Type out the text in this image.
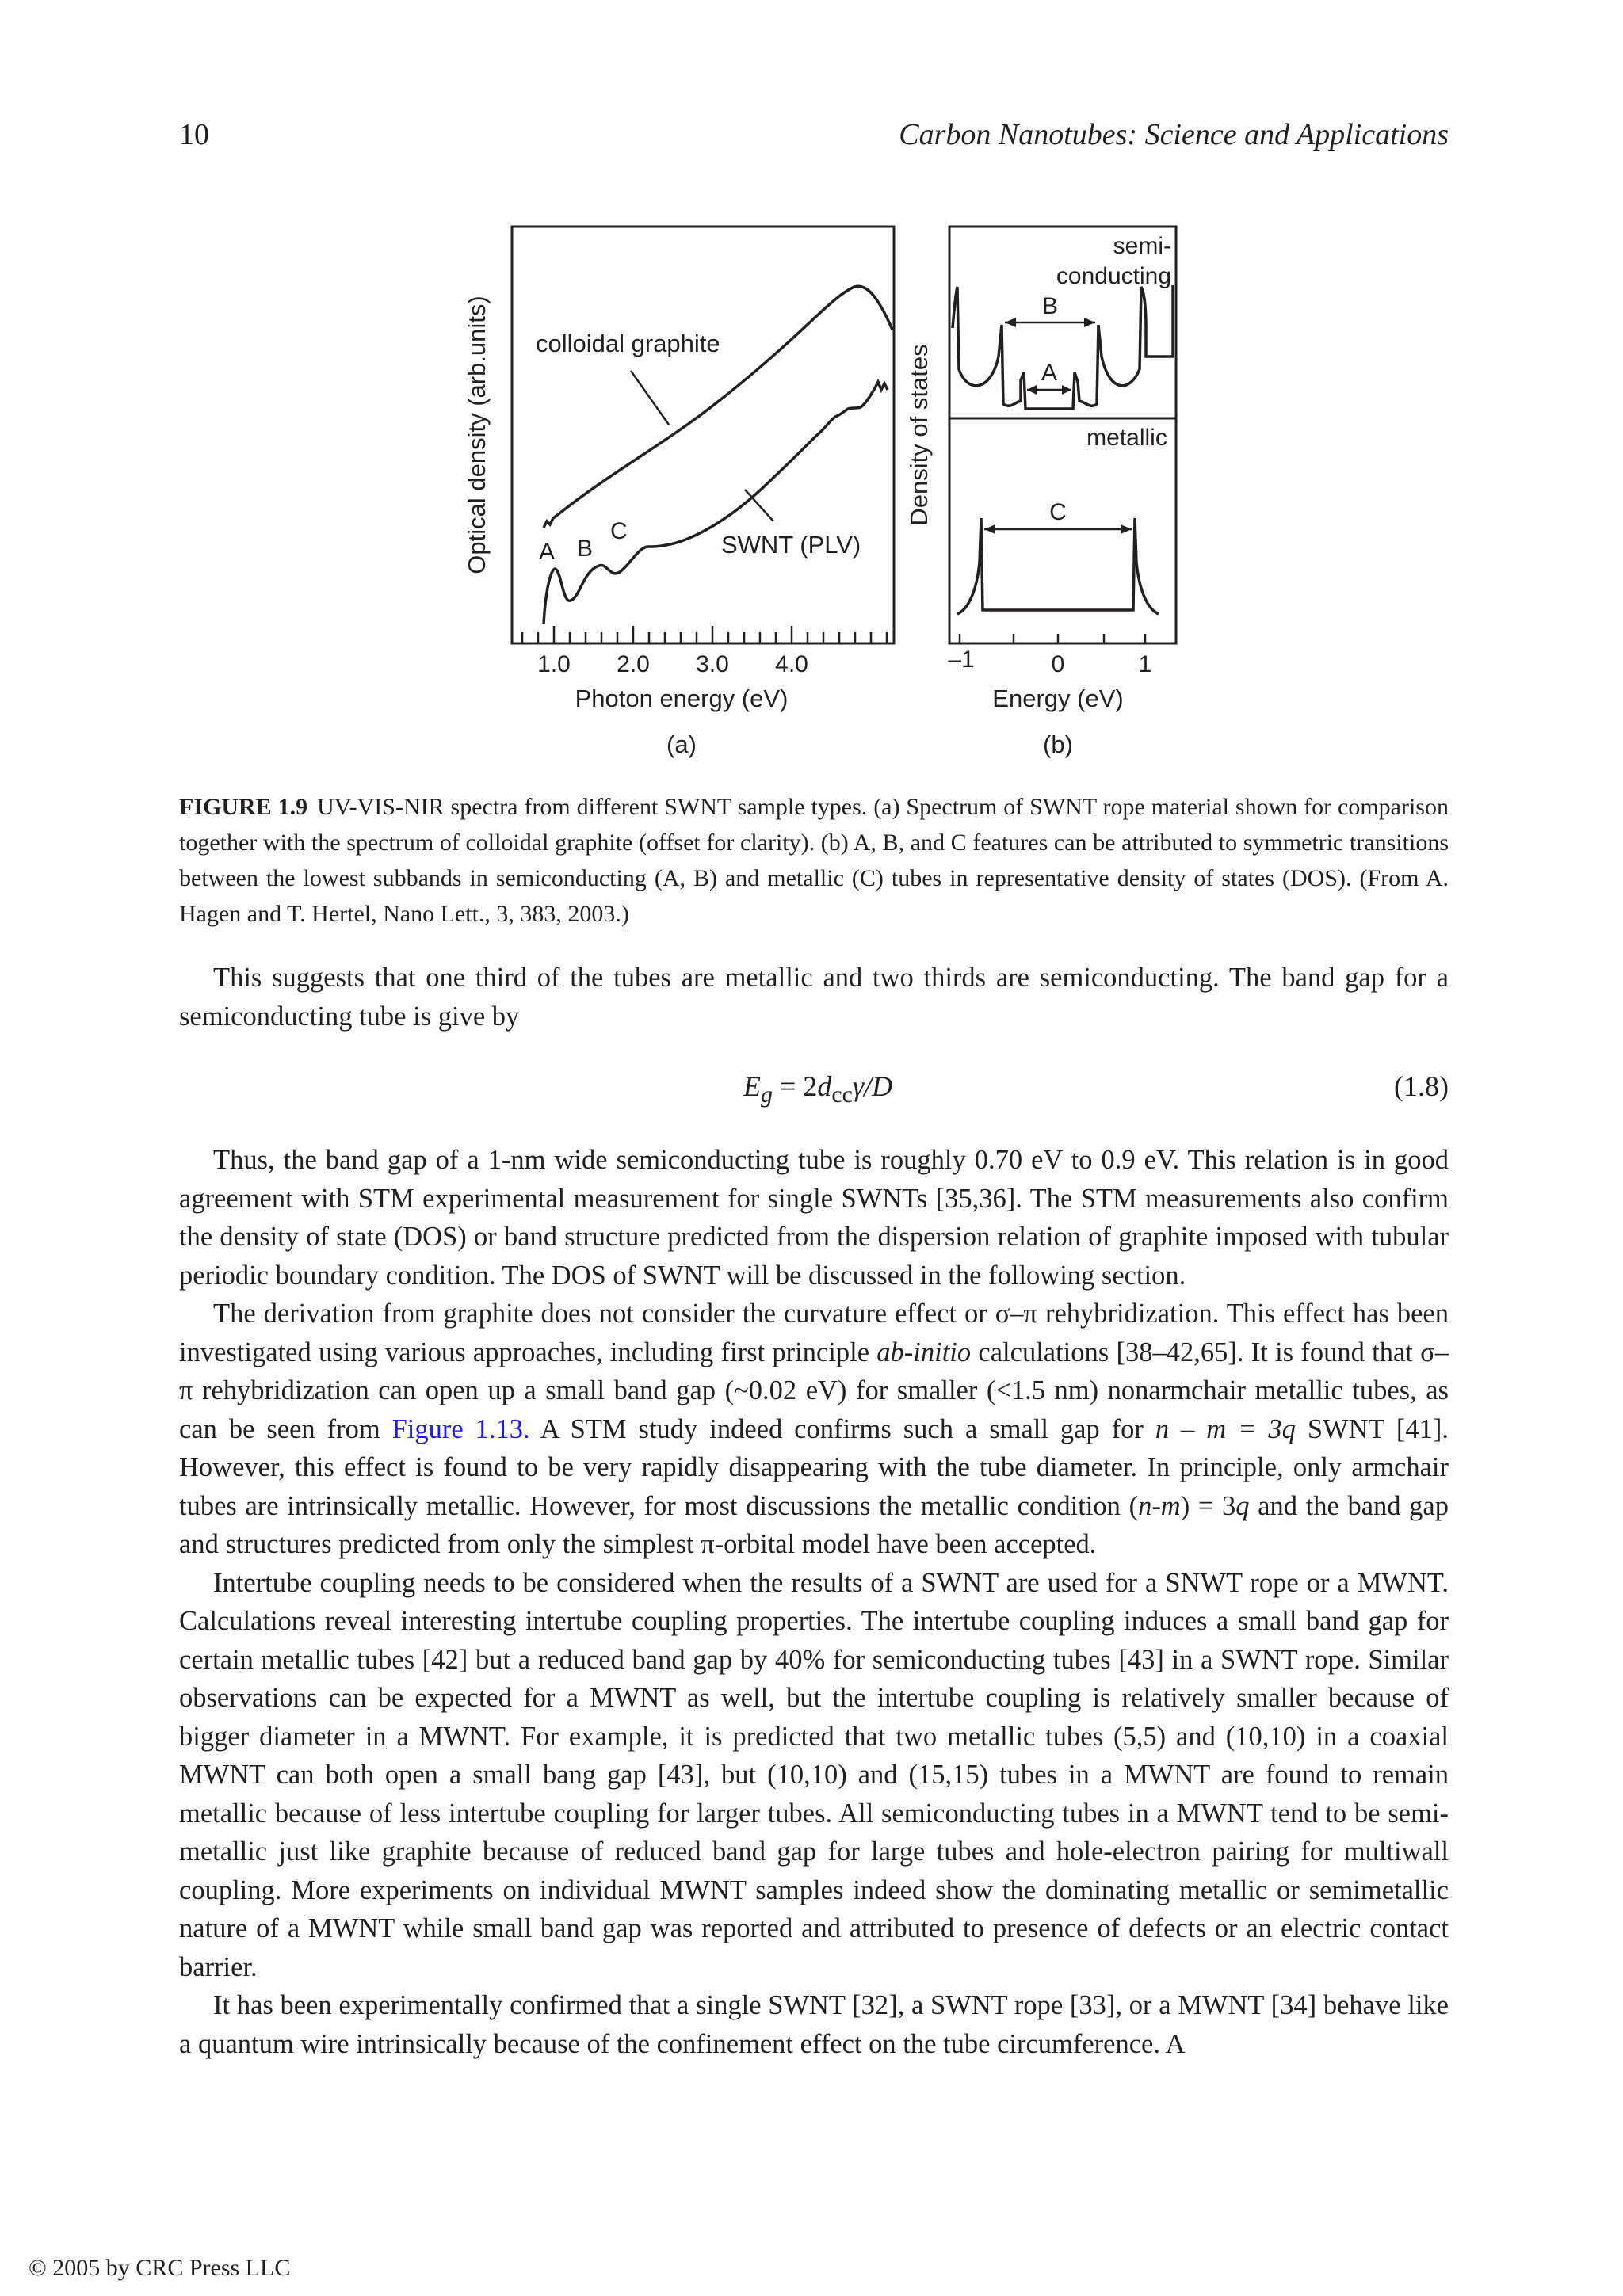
10	Carbon Nanotubes: Science and Applications
1.0 2.0 3.0 4.0
Photon energy (eV)
(a)
Optical density (arb.units) colloidal graphite
SWNT (PLV)
A B
C
Density of states
semi-
conducting
metallic
B
A
C
–1	0	1
Energy (eV)
(b)
FIGURE 1.9 UV-VIS-NIR spectra from different SWNT sample types. (a) Spectrum of SWNT rope material shown for comparison together with the spectrum of colloidal graphite (offset for clarity). (b) A, B, and C features can be attributed to symmetric transitions between the lowest subbands in semiconducting (A, B) and metallic (C) tubes in representative density of states (DOS). (From A. Hagen and T. Hertel, Nano Lett., 3, 383, 2003.)

This suggests that one third of the tubes are metallic and two thirds are semiconducting. The band gap for a semiconducting tube is give by

$E_g = 2d_{cc}\gamma/D$	(1.8)

Thus, the band gap of a 1-nm wide semiconducting tube is roughly 0.70 eV to 0.9 eV. This relation is in good agreement with STM experimental measurement for single SWNTs [35,36]. The STM measurements also confirm the density of state (DOS) or band structure predicted from the dispersion relation of graphite imposed with tubular periodic boundary condition. The DOS of SWNT will be discussed in the following section.

The derivation from graphite does not consider the curvature effect or σ–π rehybridization. This effect has been investigated using various approaches, including first principle ab-initio calculations [38–42,65]. It is found that σ–π rehybridization can open up a small band gap (~0.02 eV) for smaller (<1.5 nm) nonarmchair metallic tubes, as can be seen from Figure 1.13. A STM study indeed confirms such a small gap for n – m = 3q SWNT [41]. However, this effect is found to be very rapidly disappearing with the tube diameter. In principle, only armchair tubes are intrinsically metallic. However, for most discussions the metallic condition (n-m) = 3q and the band gap and structures predicted from only the simplest π-orbital model have been accepted.

Intertube coupling needs to be considered when the results of a SWNT are used for a SNWT rope or a MWNT. Calculations reveal interesting intertube coupling properties. The intertube coupling induces a small band gap for certain metallic tubes [42] but a reduced band gap by 40% for semiconducting tubes [43] in a SWNT rope. Similar observations can be expected for a MWNT as well, but the intertube coupling is relatively smaller because of bigger diameter in a MWNT. For example, it is predicted that two metallic tubes (5,5) and (10,10) in a coaxial MWNT can both open a small bang gap [43], but (10,10) and (15,15) tubes in a MWNT are found to remain metallic because of less intertube coupling for larger tubes. All semiconducting tubes in a MWNT tend to be semi-metallic just like graphite because of reduced band gap for large tubes and hole-electron pairing for multiwall coupling. More experiments on individual MWNT samples indeed show the dominating metallic or semimetallic nature of a MWNT while small band gap was reported and attributed to presence of defects or an electric contact barrier.

It has been experimentally confirmed that a single SWNT [32], a SWNT rope [33], or a MWNT [34] behave like a quantum wire intrinsically because of the confinement effect on the tube circumference. A

© 2005 by CRC Press LLC
